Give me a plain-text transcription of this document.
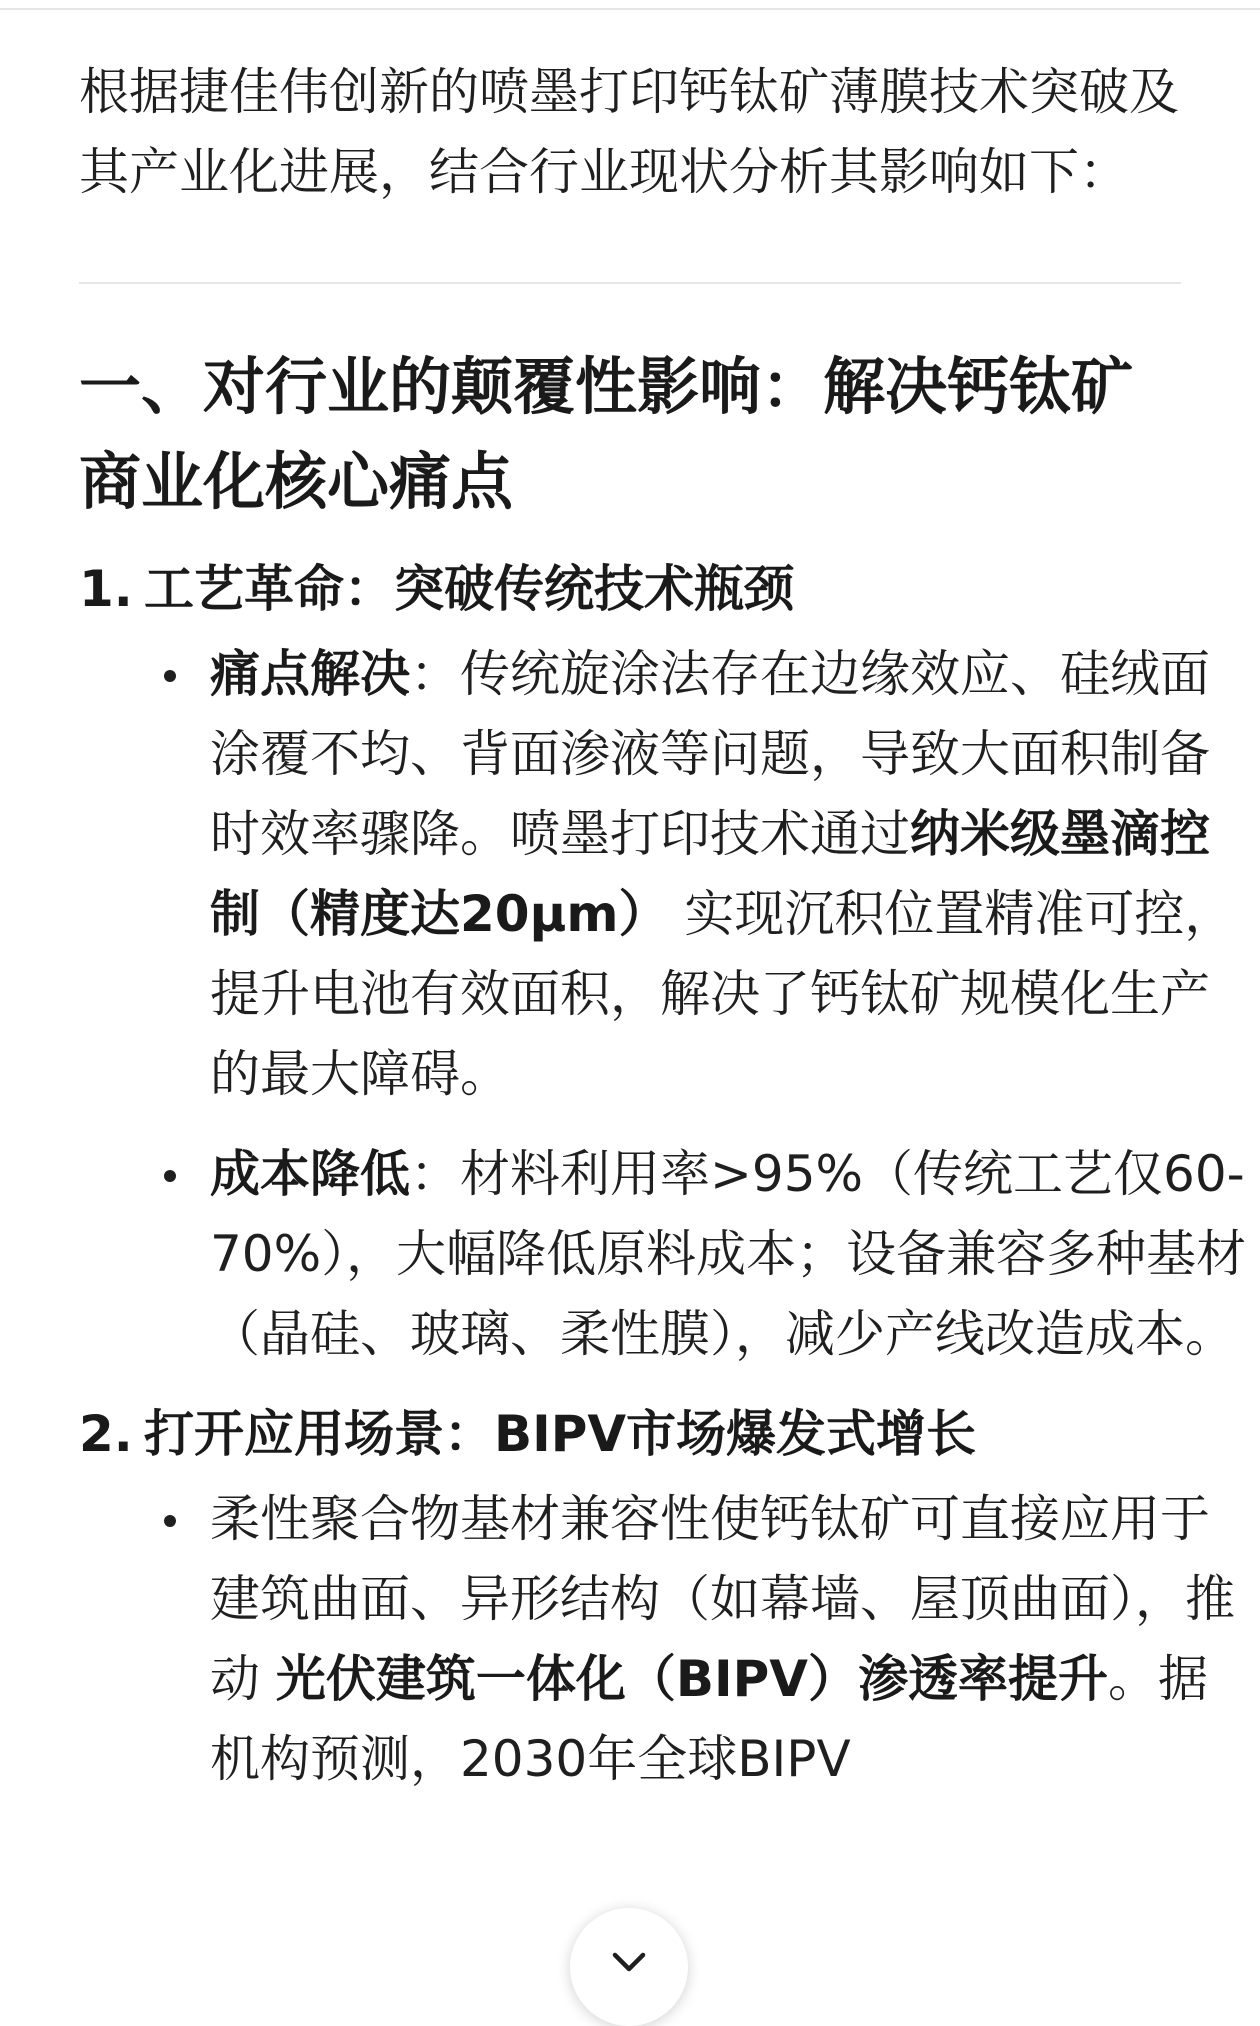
根据捷佳伟创新的喷墨打印钙钛矿薄膜技术突破及其产业化进展，结合行业现状分析其影响如下：

一、对行业的颠覆性影响：解决钙钛矿商业化核心痛点
1. 工艺革命：突破传统技术瓶颈
痛点解决：传统旋涂法存在边缘效应、硅绒面涂覆不均、背面渗液等问题，导致大面积制备时效率骤降。喷墨打印技术通过纳米级墨滴控制（精度达20μm） 实现沉积位置精准可控，提升电池有效面积，解决了钙钛矿规模化生产的最大障碍。
成本降低：材料利用率>95%（传统工艺仅60-70%），大幅降低原料成本；设备兼容多种基材（晶硅、玻璃、柔性膜），减少产线改造成本。
2. 打开应用场景：BIPV市场爆发式增长
柔性聚合物基材兼容性使钙钛矿可直接应用于建筑曲面、异形结构（如幕墙、屋顶曲面），推动 光伏建筑一体化（BIPV）渗透率提升。据机构预测，2030年全球BIPV
